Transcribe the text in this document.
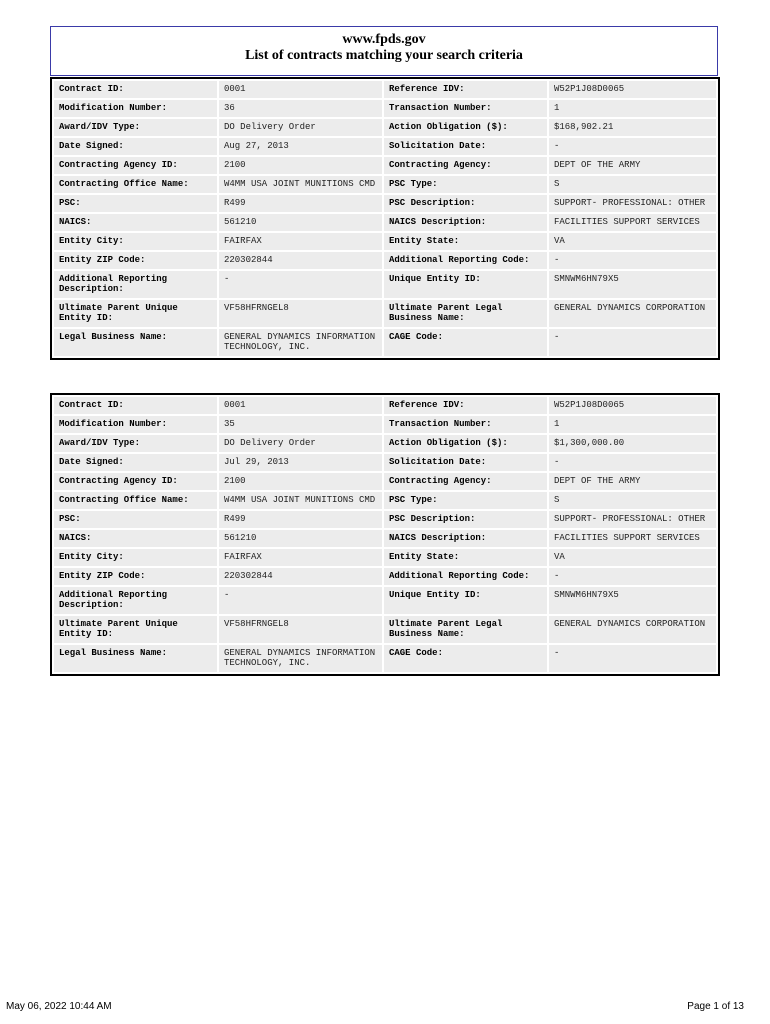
www.fpds.gov
List of contracts matching your search criteria
Contract ID:	0001	Reference IDV:	W52P1J08D0065
Modification Number:	36	Transaction Number:	1
Award/IDV Type:	DO Delivery Order	Action Obligation ($):	$168,902.21
Date Signed:	Aug 27, 2013	Solicitation Date:	-
Contracting Agency ID:	2100	Contracting Agency:	DEPT OF THE ARMY
Contracting Office Name:	W4MM USA JOINT MUNITIONS CMD	PSC Type:	S
PSC:	R499	PSC Description:	SUPPORT- PROFESSIONAL: OTHER
NAICS:	561210	NAICS Description:	FACILITIES SUPPORT SERVICES
Entity City:	FAIRFAX	Entity State:	VA
Entity ZIP Code:	220302844	Additional Reporting Code:	-
Additional Reporting Description:	-	Unique Entity ID:	SMNWM6HN79X5
Ultimate Parent Unique Entity ID:	VF58HFRNGEL8	Ultimate Parent Legal Business Name:	GENERAL DYNAMICS CORPORATION
Legal Business Name:	GENERAL DYNAMICS INFORMATION TECHNOLOGY, INC.	CAGE Code:	-
Contract ID:	0001	Reference IDV:	W52P1J08D0065
Modification Number:	35	Transaction Number:	1
Award/IDV Type:	DO Delivery Order	Action Obligation ($):	$1,300,000.00
Date Signed:	Jul 29, 2013	Solicitation Date:	-
Contracting Agency ID:	2100	Contracting Agency:	DEPT OF THE ARMY
Contracting Office Name:	W4MM USA JOINT MUNITIONS CMD	PSC Type:	S
PSC:	R499	PSC Description:	SUPPORT- PROFESSIONAL: OTHER
NAICS:	561210	NAICS Description:	FACILITIES SUPPORT SERVICES
Entity City:	FAIRFAX	Entity State:	VA
Entity ZIP Code:	220302844	Additional Reporting Code:	-
Additional Reporting Description:	-	Unique Entity ID:	SMNWM6HN79X5
Ultimate Parent Unique Entity ID:	VF58HFRNGEL8	Ultimate Parent Legal Business Name:	GENERAL DYNAMICS CORPORATION
Legal Business Name:	GENERAL DYNAMICS INFORMATION TECHNOLOGY, INC.	CAGE Code:	-
May 06, 2022 10:44 AM	Page 1 of 13
